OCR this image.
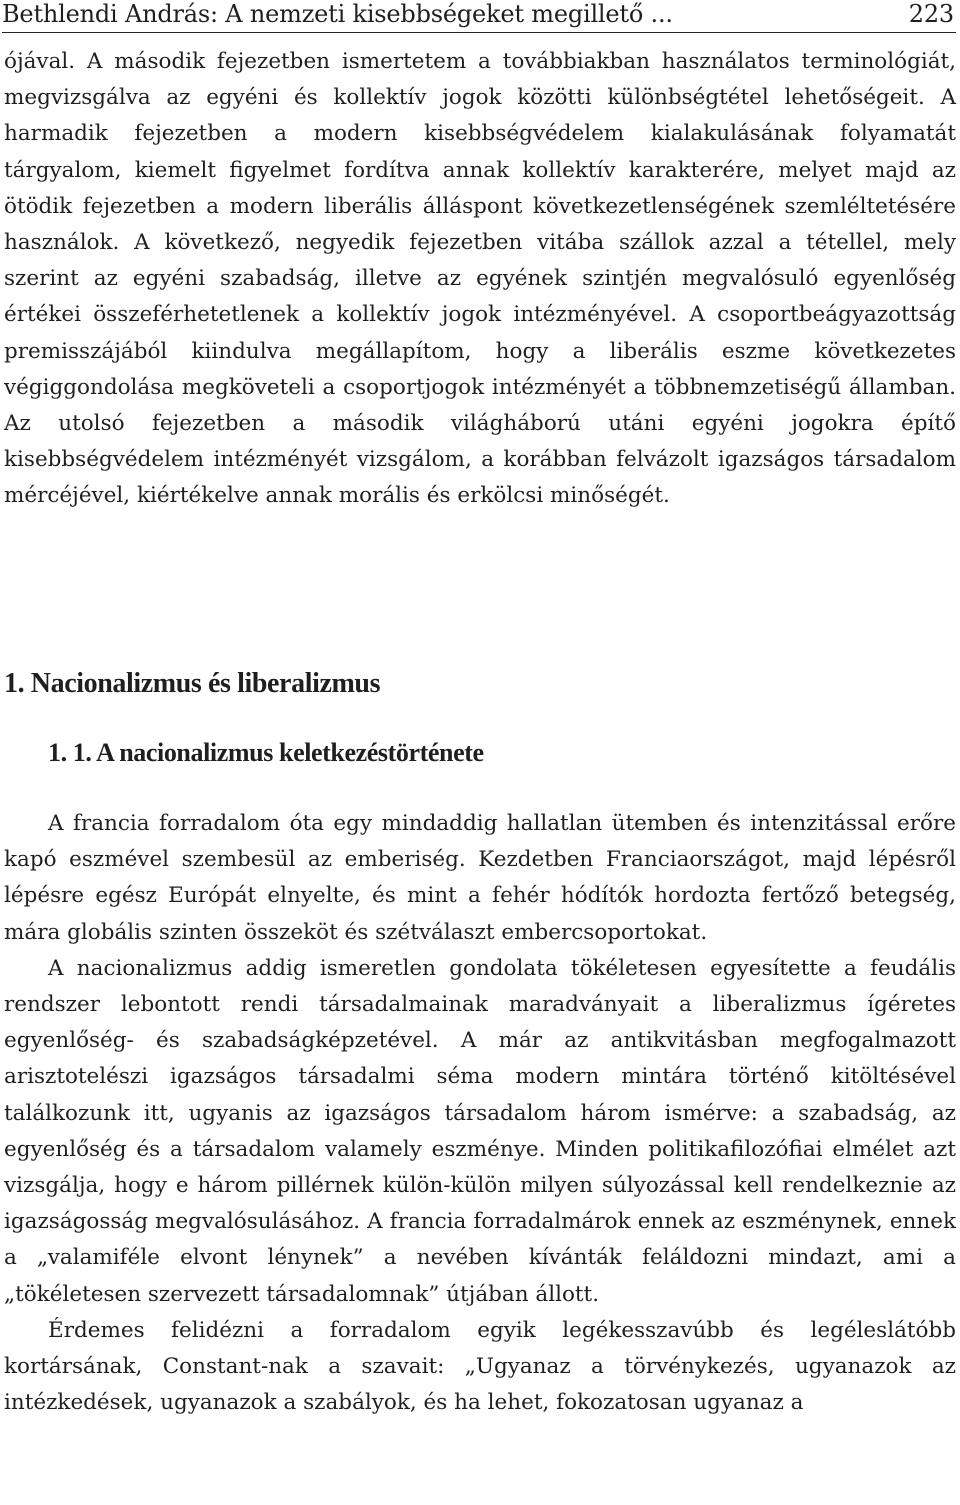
Bethlendi András: A nemzeti kisebbségeket megillető ...	223

ójával. A második fejezetben ismertetem a továbbiakban használatos terminológiát, megvizsgálva az egyéni és kollektív jogok közötti különbségtétel lehetőségeit. A harmadik fejezetben a modern kisebbségvédelem kialakulásának folyamatát tárgyalom, kiemelt figyelmet fordítva annak kollektív karakterére, melyet majd az ötödik fejezetben a modern liberális álláspont következetlenségének szemléltetésére használok. A következő, negyedik fejezetben vitába szállok azzal a tétellel, mely szerint az egyéni szabadság, illetve az egyének szintjén megvalósuló egyenlőség értékei összeférhetetlenek a kollektív jogok intézményével. A csoportbeágyazottság premisszájából kiindulva megállapítom, hogy a liberális eszme következetes végiggondolása megköveteli a csoportjogok intézményét a többnemzetiségű államban. Az utolsó fejezetben a második világháború utáni egyéni jogokra építő kisebbségvédelem intézményét vizsgálom, a korábban felvázolt igazságos társadalom mércéjével, kiértékelve annak morális és erkölcsi minőségét.

1. Nacionalizmus és liberalizmus
1. 1. A nacionalizmus keletkezéstörténete

A francia forradalom óta egy mindaddig hallatlan ütemben és intenzitással erőre kapó eszmével szembesül az emberiség. Kezdetben Franciaországot, majd lépésről lépésre egész Európát elnyelte, és mint a fehér hódítók hordozta fertőző betegség, mára globális szinten összeköt és szétválaszt embercsoportokat.

A nacionalizmus addig ismeretlen gondolata tökéletesen egyesítette a feudális rendszer lebontott rendi társadalmainak maradványait a liberalizmus ígéretes egyenlőség- és szabadságképzetével. A már az antikvitásban megfogalmazott arisztotelészi igazságos társadalmi séma modern mintára történő kitöltésével találkozunk itt, ugyanis az igazságos társadalom három ismérve: a szabadság, az egyenlőség és a társadalom valamely eszménye. Minden politikafilozófiai elmélet azt vizsgálja, hogy e három pillérnek külön-külön milyen súlyozással kell rendelkeznie az igazságosság megvalósulásához. A francia forradalmárok ennek az eszménynek, ennek a „valamiféle elvont lénynek” a nevében kívánták feláldozni mindazt, ami a „tökéletesen szervezett társadalomnak” útjában állott.

Érdemes felidézni a forradalom egyik legékesszavúbb és legéleslátóbb kortársának, Constant-nak a szavait: „Ugyanaz a törvénykezés, ugyanazok az intézkedések, ugyanazok a szabályok, és ha lehet, fokozatosan ugyanaz a
